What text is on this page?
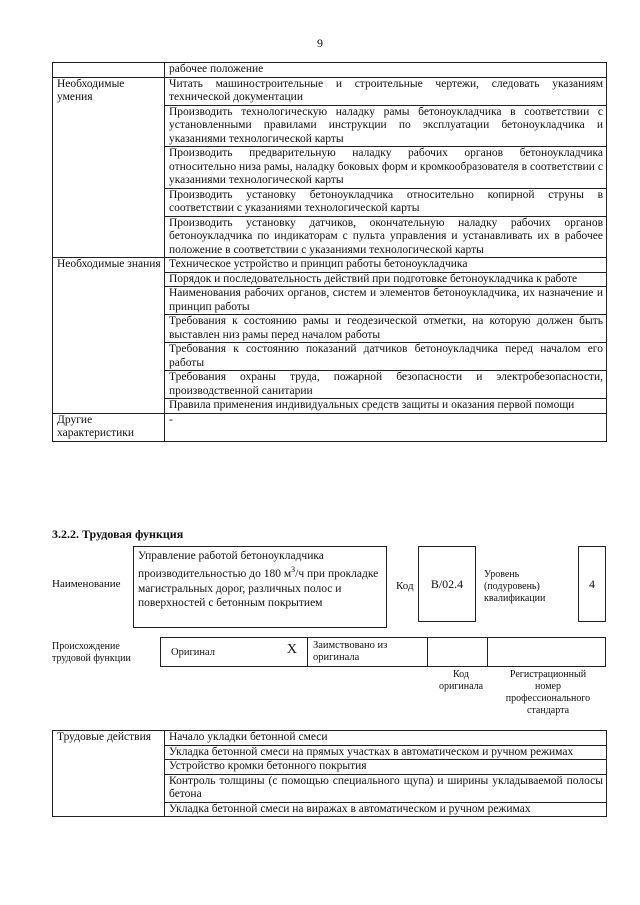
9
	рабочее положение
Необходимые умения	Читать машиностроительные и строительные чертежи, следовать указаниям технической документации
	Производить технологическую наладку рамы бетоноукладчика в соответствии с установленными правилами инструкции по эксплуатации бетоноукладчика и указаниями технологической карты
	Производить предварительную наладку рабочих органов бетоноукладчика относительно низа рамы, наладку боковых форм и кромкообразователя в соответствии с указаниями технологической карты
	Производить установку бетоноукладчика относительно копирной струны в соответствии с указаниями технологической карты
	Производить установку датчиков, окончательную наладку рабочих органов бетоноукладчика по индикаторам с пульта управления и устанавливать их в рабочее положение в соответствии с указаниями технологической карты
Необходимые знания	Техническое устройство и принцип работы бетоноукладчика
	Порядок и последовательность действий при подготовке бетоноукладчика к работе
	Наименования рабочих органов, систем и элементов бетоноукладчика, их назначение и принцип работы
	Требования к состоянию рамы и геодезической отметки, на которую должен быть выставлен низ рамы перед началом работы
	Требования к состоянию показаний датчиков бетоноукладчика перед началом его работы
	Требования охраны труда, пожарной безопасности и электробезопасности, производственной санитарии
	Правила применения индивидуальных средств защиты и оказания первой помощи
Другие характеристики	-
3.2.2. Трудовая функция
Наименование
Управление работой бетоноукладчика производительностью до 180 $м^3/ч$ при прокладке магистральных дорог, различных полос и поверхностей с бетонным покрытием
Код	B/02.4
Уровень (подуровень) квалификации
4
Происхождение трудовой функции
Оригинал	X Заимствовано из оригинала
Код оригинала
Регистрационный номер профессионального стандарта
Трудовые действия	Начало укладки бетонной смеси
Укладка бетонной смеси на прямых участках в автоматическом и ручном режимах
Устройство кромки бетонного покрытия
Контроль толщины (с помощью специального щупа) и ширины укладываемой полосы бетона
Укладка бетонной смеси на виражах в автоматическом и ручном режимах
